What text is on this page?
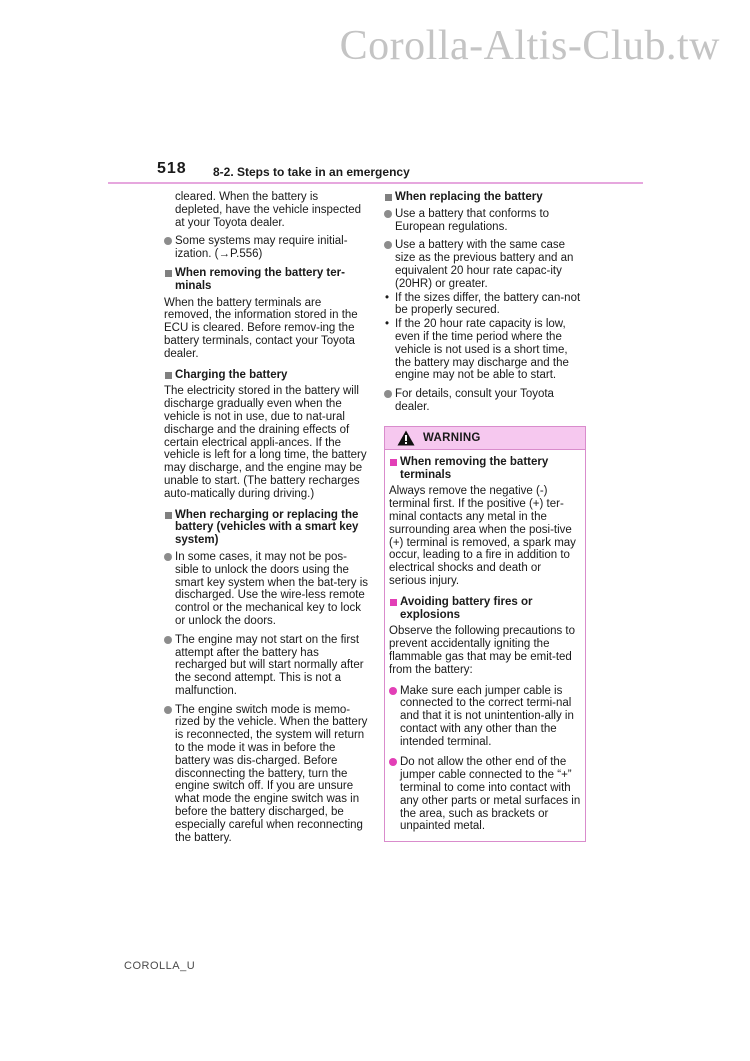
Corolla-Altis-Club.tw
518 8-2. Steps to take in an emergency

cleared. When the battery is depleted, have the vehicle inspected at your Toyota dealer.

Some systems may require initial-ization. (→P.556)
When removing the battery ter-minals

When the battery terminals are removed, the information stored in the ECU is cleared. Before remov-ing the battery terminals, contact your Toyota dealer.

Charging the battery

The electricity stored in the battery will discharge gradually even when the vehicle is not in use, due to nat-ural discharge and the draining effects of certain electrical appli-ances. If the vehicle is left for a long time, the battery may discharge, and the engine may be unable to start. (The battery recharges auto-matically during driving.)

When recharging or replacing the battery (vehicles with a smart key system)
In some cases, it may not be pos-sible to unlock the doors using the smart key system when the bat-tery is discharged. Use the wire-less remote control or the mechanical key to lock or unlock the doors.
The engine may not start on the first attempt after the battery has recharged but will start normally after the second attempt. This is not a malfunction.
The engine switch mode is memo-rized by the vehicle. When the battery is reconnected, the system will return to the mode it was in before the battery was dis-charged. Before disconnecting the battery, turn the engine switch off. If you are unsure what mode the engine switch was in before the battery discharged, be especially careful when reconnecting the battery.
When replacing the battery
Use a battery that conforms to European regulations.
Use a battery with the same case size as the previous battery and an equivalent 20 hour rate capac-ity (20HR) or greater.
• If the sizes differ, the battery can-not be properly secured.
• If the 20 hour rate capacity is low, even if the time period where the vehicle is not used is a short time, the battery may discharge and the engine may not be able to start.
For details, consult your Toyota dealer.
WARNING
When removing the battery terminals

Always remove the negative (-) terminal first. If the positive (+) ter-minal contacts any metal in the surrounding area when the posi-tive (+) terminal is removed, a spark may occur, leading to a fire in addition to electrical shocks and death or serious injury.

Avoiding battery fires or explosions

Observe the following precautions to prevent accidentally igniting the flammable gas that may be emit-ted from the battery:

Make sure each jumper cable is connected to the correct termi-nal and that it is not unintention-ally in contact with any other than the intended terminal.
Do not allow the other end of the jumper cable connected to the “+” terminal to come into contact with any other parts or metal surfaces in the area, such as brackets or unpainted metal.
COROLLA_U
